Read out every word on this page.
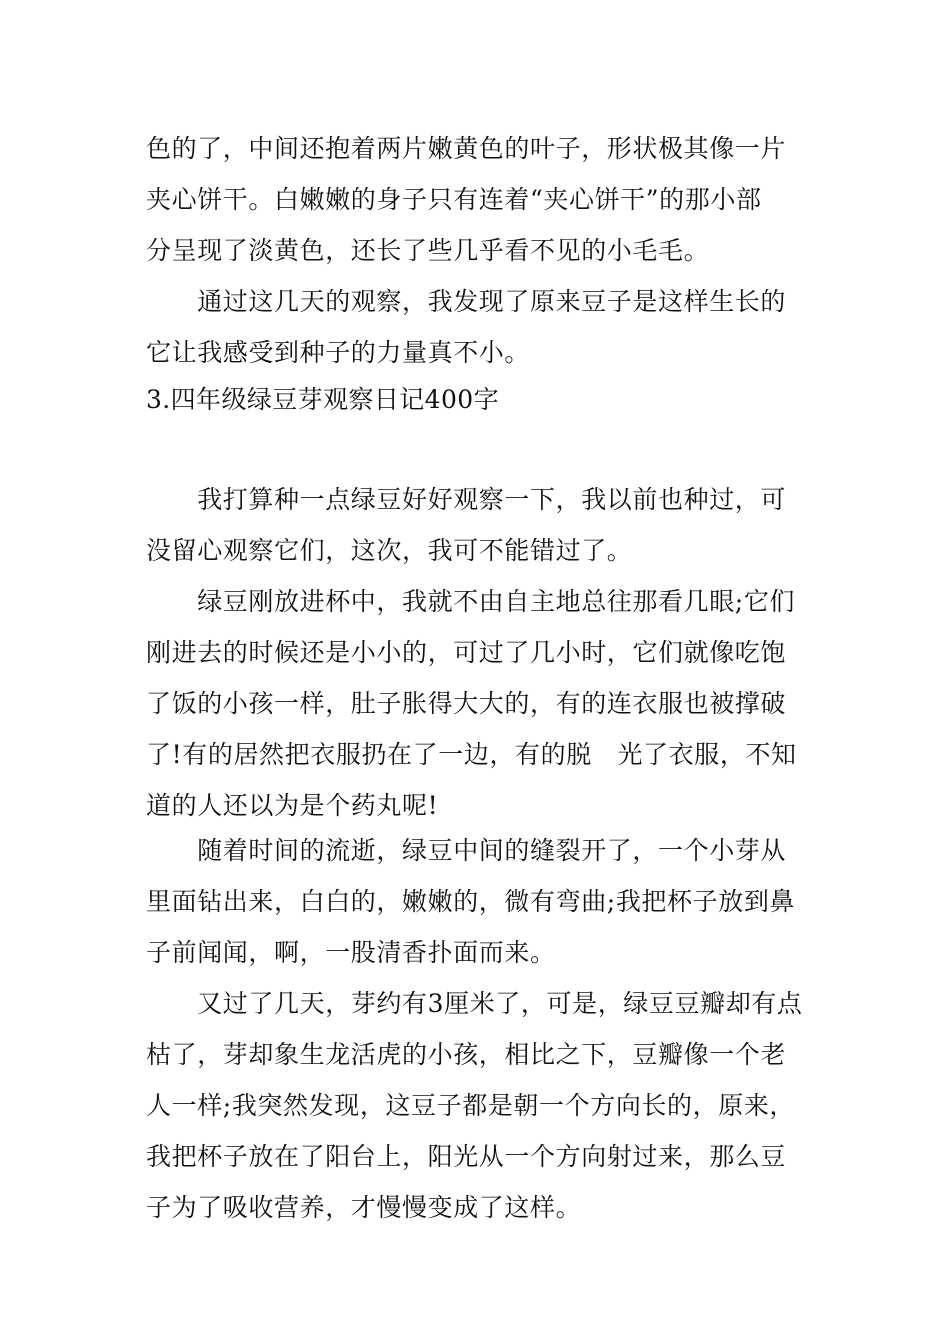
色的了，中间还抱着两片嫩黄色的叶子，形状极其像一片
夹心饼干。白嫩嫩的身子只有连着“夹心饼干”的那小部
分呈现了淡黄色，还长了些几乎看不见的小毛毛。

　　通过这几天的观察，我发现了原来豆子是这样生长的
它让我感受到种子的力量真不小。

3.四年级绿豆芽观察日记400字

　　我打算种一点绿豆好好观察一下，我以前也种过，可
没留心观察它们，这次，我可不能错过了。

　　绿豆刚放进杯中，我就不由自主地总往那看几眼;它们
刚进去的时候还是小小的，可过了几小时，它们就像吃饱
了饭的小孩一样，肚子胀得大大的，有的连衣服也被撑破
了!有的居然把衣服扔在了一边，有的脱　光了衣服，不知
道的人还以为是个药丸呢!

　　随着时间的流逝，绿豆中间的缝裂开了，一个小芽从
里面钻出来，白白的，嫩嫩的，微有弯曲;我把杯子放到鼻
子前闻闻，啊，一股清香扑面而来。

　　又过了几天，芽约有3厘米了，可是，绿豆豆瓣却有点
枯了，芽却象生龙活虎的小孩，相比之下，豆瓣像一个老
人一样;我突然发现，这豆子都是朝一个方向长的，原来，
我把杯子放在了阳台上，阳光从一个方向射过来，那么豆
子为了吸收营养，才慢慢变成了这样。
